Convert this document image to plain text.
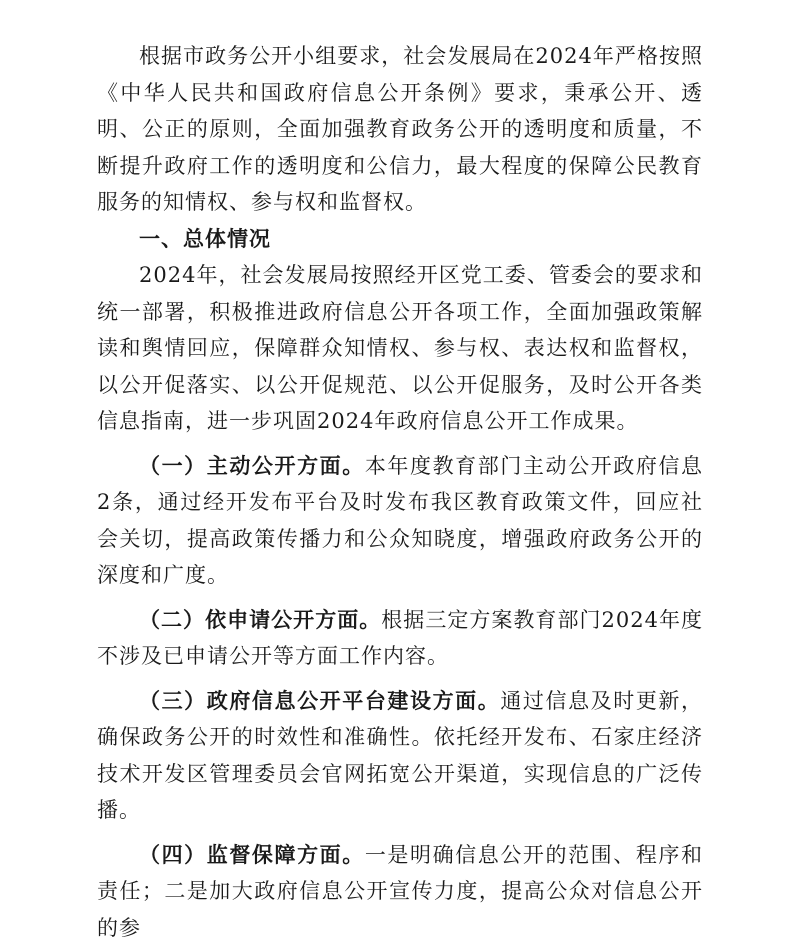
根据市政务公开小组要求，社会发展局在2024年严格按照《中华人民共和国政府信息公开条例》要求，秉承公开、透明、公正的原则，全面加强教育政务公开的透明度和质量，不断提升政府工作的透明度和公信力，最大程度的保障公民教育服务的知情权、参与权和监督权。

一、总体情况

2024年，社会发展局按照经开区党工委、管委会的要求和统一部署，积极推进政府信息公开各项工作，全面加强政策解读和舆情回应，保障群众知情权、参与权、表达权和监督权，以公开促落实、以公开促规范、以公开促服务，及时公开各类信息指南，进一步巩固2024年政府信息公开工作成果。

（一）主动公开方面。本年度教育部门主动公开政府信息2条，通过经开发布平台及时发布我区教育政策文件，回应社会关切，提高政策传播力和公众知晓度，增强政府政务公开的深度和广度。

（二）依申请公开方面。根据三定方案教育部门2024年度不涉及已申请公开等方面工作内容。

（三）政府信息公开平台建设方面。通过信息及时更新，确保政务公开的时效性和准确性。依托经开发布、石家庄经济技术开发区管理委员会官网拓宽公开渠道，实现信息的广泛传播。

（四）监督保障方面。一是明确信息公开的范围、程序和责任；二是加大政府信息公开宣传力度，提高公众对信息公开的参
